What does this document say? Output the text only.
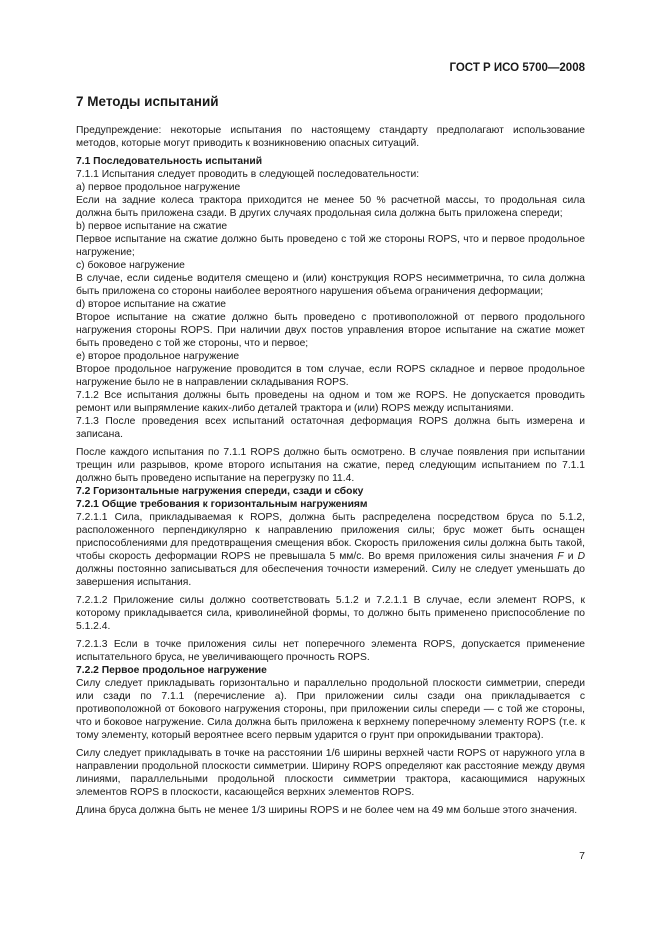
ГОСТ Р ИСО 5700—2008
7 Методы испытаний

Предупреждение: некоторые испытания по настоящему стандарту предполагают использование методов, которые могут приводить к возникновению опасных ситуаций.

7.1 Последовательность испытаний

7.1.1 Испытания следует проводить в следующей последовательности:

а) первое продольное нагружение

Если на задние колеса трактора приходится не менее 50 % расчетной массы, то продольная сила должна быть приложена сзади. В других случаях продольная сила должна быть приложена спереди;

b) первое испытание на сжатие

Первое испытание на сжатие должно быть проведено с той же стороны ROPS, что и первое продольное нагружение;

c) боковое нагружение

В случае, если сиденье водителя смещено и (или) конструкция ROPS несимметрична, то сила должна быть приложена со стороны наиболее вероятного нарушения объема ограничения деформации;

d) второе испытание на сжатие

Второе испытание на сжатие должно быть проведено с противоположной от первого продольного нагружения стороны ROPS. При наличии двух постов управления второе испытание на сжатие может быть проведено с той же стороны, что и первое;

e) второе продольное нагружение

Второе продольное нагружение проводится в том случае, если ROPS складное и первое продольное нагружение было не в направлении складывания ROPS.

7.1.2 Все испытания должны быть проведены на одном и том же ROPS. Не допускается проводить ремонт или выпрямление каких-либо деталей трактора и (или) ROPS между испытаниями.

7.1.3 После проведения всех испытаний остаточная деформация ROPS должна быть измерена и записана.

После каждого испытания по 7.1.1 ROPS должно быть осмотрено. В случае появления при испытании трещин или разрывов, кроме второго испытания на сжатие, перед следующим испытанием по 7.1.1 должно быть проведено испытание на перегрузку по 11.4.

7.2 Горизонтальные нагружения спереди, сзади и сбоку

7.2.1 Общие требования к горизонтальным нагружениям

7.2.1.1 Сила, прикладываемая к ROPS, должна быть распределена посредством бруса по 5.1.2, расположенного перпендикулярно к направлению приложения силы; брус может быть оснащен приспособлениями для предотвращения смещения вбок. Скорость приложения силы должна быть такой, чтобы скорость деформации ROPS не превышала 5 мм/с. Во время приложения силы значения F и D должны постоянно записываться для обеспечения точности измерений. Силу не следует уменьшать до завершения испытания.

7.2.1.2 Приложение силы должно соответствовать 5.1.2 и 7.2.1.1 В случае, если элемент ROPS, к которому прикладывается сила, криволинейной формы, то должно быть применено приспособление по 5.1.2.4.

7.2.1.3 Если в точке приложения силы нет поперечного элемента ROPS, допускается применение испытательного бруса, не увеличивающего прочность ROPS.

7.2.2 Первое продольное нагружение

Силу следует прикладывать горизонтально и параллельно продольной плоскости симметрии, спереди или сзади по 7.1.1 (перечисление а). При приложении силы сзади она прикладывается с противоположной от бокового нагружения стороны, при приложении силы спереди — с той же стороны, что и боковое нагружение. Сила должна быть приложена к верхнему поперечному элементу ROPS (т.е. к тому элементу, который вероятнее всего первым ударится о грунт при опрокидывании трактора).

Силу следует прикладывать в точке на расстоянии 1/6 ширины верхней части ROPS от наружного угла в направлении продольной плоскости симметрии. Ширину ROPS определяют как расстояние между двумя линиями, параллельными продольной плоскости симметрии трактора, касающимися наружных элементов ROPS в плоскости, касающейся верхних элементов ROPS.

Длина бруса должна быть не менее 1/3 ширины ROPS и не более чем на 49 мм больше этого значения.

7
